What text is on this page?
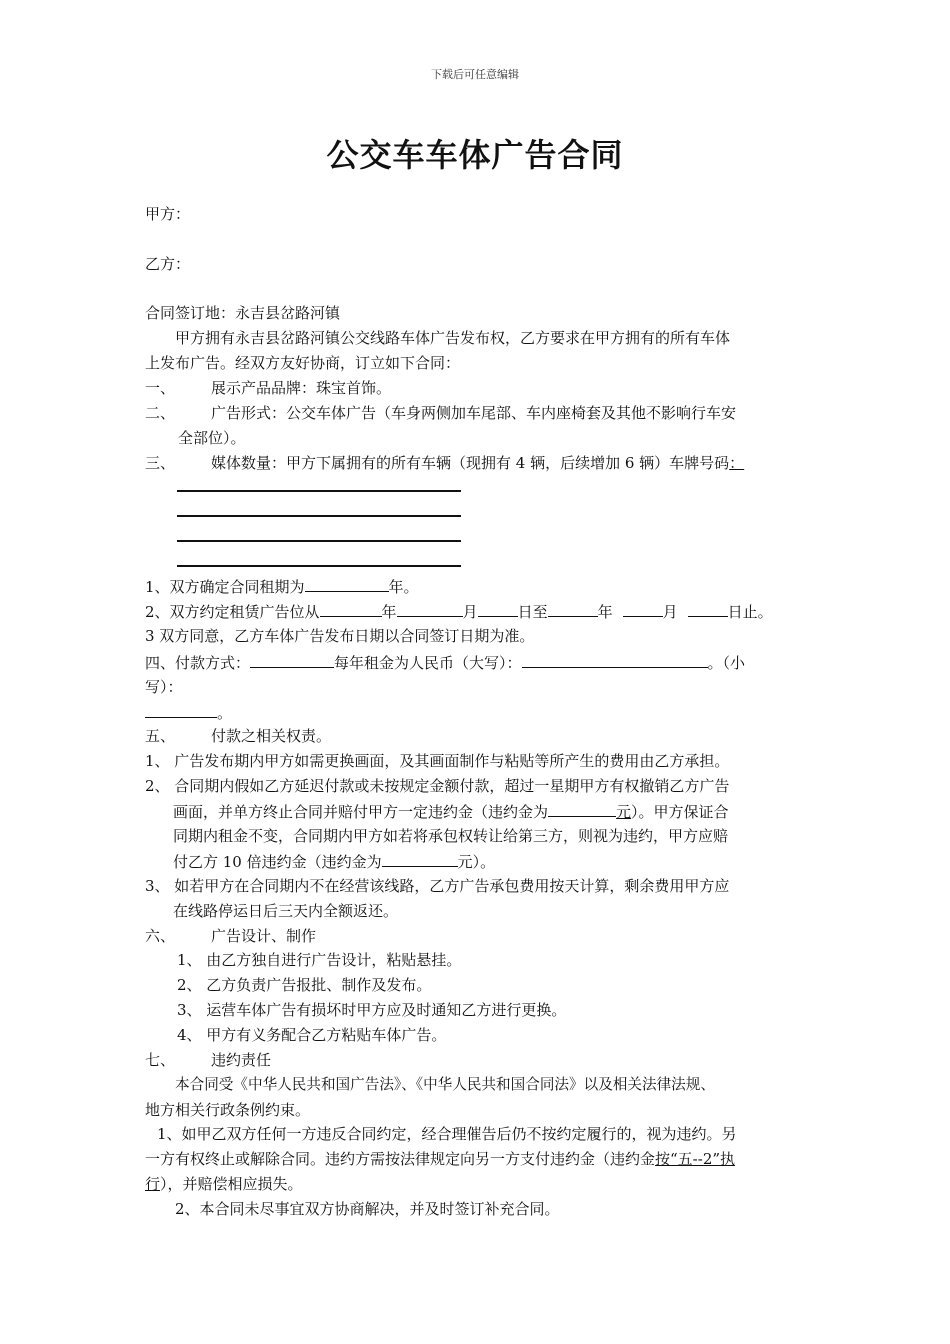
下载后可任意编辑
公交车车体广告合同
甲方：
乙方：
合同签订地：永吉县岔路河镇
甲方拥有永吉县岔路河镇公交线路车体广告发布权，乙方要求在甲方拥有的所有车体
上发布广告。经双方友好协商，订立如下合同：
一、 展示产品品牌：珠宝首饰。
二、 广告形式：公交车体广告（车身两侧加车尾部、车内座椅套及其他不影响行车安
全部位）。
三、 媒体数量：甲方下属拥有的所有车辆（现拥有 4 辆，后续增加 6 辆）车牌号码：
1、双方确定合同租期为	年。
2、双方约定租赁广告位从	年	月	日至	年	月	日止。
3 双方同意，乙方车体广告发布日期以合同签订日期为准。
四、付款方式：	每年租金为人民币（大写）：	。（小
写）：
。
五、 付款之相关权责。
1、 广告发布期内甲方如需更换画面，及其画面制作与粘贴等所产生的费用由乙方承担。
2、 合同期内假如乙方延迟付款或未按规定金额付款，超过一星期甲方有权撤销乙方广告
画面，并单方终止合同并赔付甲方一定违约金（违约金为	元）。甲方保证合
同期内租金不变，合同期内甲方如若将承包权转让给第三方，则视为违约，甲方应赔
付乙方 10 倍违约金（违约金为	元）。
3、 如若甲方在合同期内不在经营该线路，乙方广告承包费用按天计算，剩余费用甲方应
在线路停运日后三天内全额返还。
六、 广告设计、制作
1、 由乙方独自进行广告设计，粘贴悬挂。
2、 乙方负责广告报批、制作及发布。
3、 运营车体广告有损坏时甲方应及时通知乙方进行更换。
4、 甲方有义务配合乙方粘贴车体广告。
七、 违约责任
本合同受《中华人民共和国广告法》、《中华人民共和国合同法》以及相关法律法规、
地方相关行政条例约束。
1、如甲乙双方任何一方违反合同约定，经合理催告后仍不按约定履行的，视为违约。另
一方有权终止或解除合同。违约方需按法律规定向另一方支付违约金（违约金按“五--2”执
行），并赔偿相应损失。
2、本合同未尽事宜双方协商解决，并及时签订补充合同。
